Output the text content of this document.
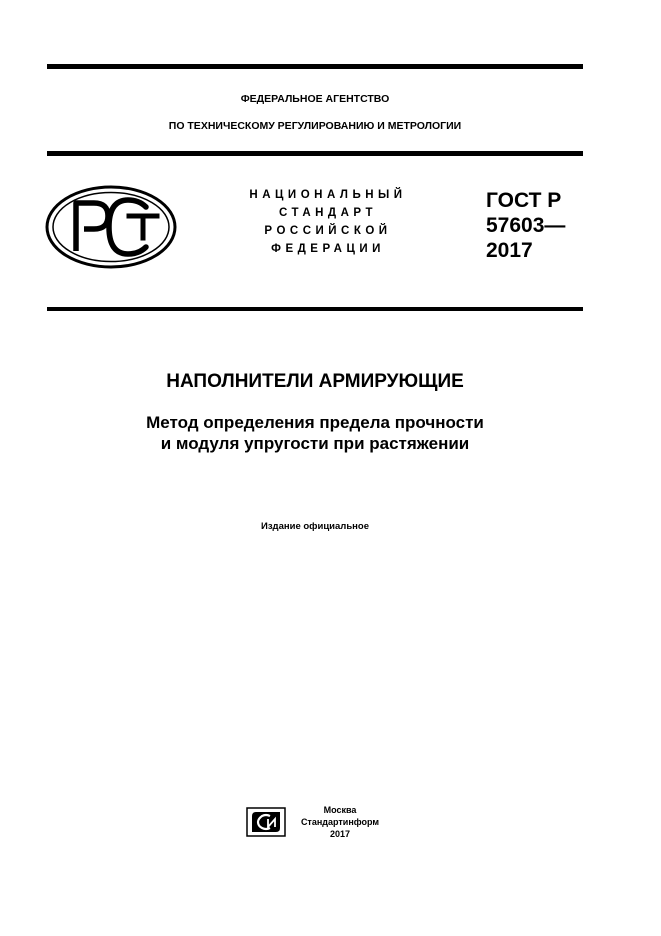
ФЕДЕРАЛЬНОЕ АГЕНТСТВО
ПО ТЕХНИЧЕСКОМУ РЕГУЛИРОВАНИЮ И МЕТРОЛОГИИ
НАЦИОНАЛЬНЫЙ
СТАНДАРТ
РОССИЙСКОЙ
ФЕДЕРАЦИИ
ГОСТ Р
57603—
2017
НАПОЛНИТЕЛИ АРМИРУЮЩИЕ
Метод определения предела прочности
и модуля упругости при растяжении
Издание официальное
Москва
Стандартинформ
2017
